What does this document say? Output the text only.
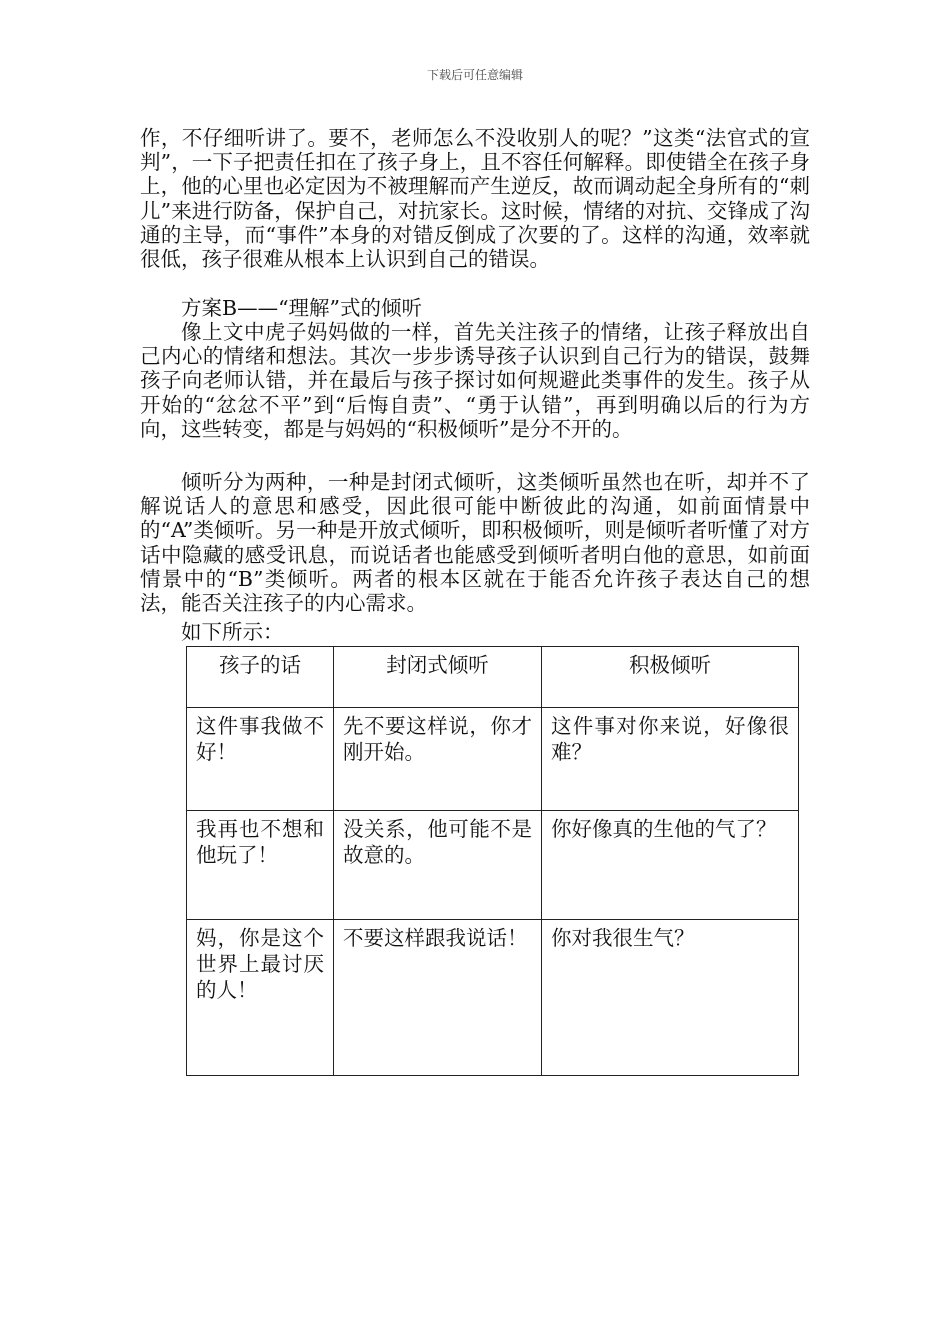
下载后可任意编辑

作，不仔细听讲了。要不，老师怎么不没收别人的呢？”这类“法官式的宣判”，一下子把责任扣在了孩子身上，且不容任何解释。即使错全在孩子身上，他的心里也必定因为不被理解而产生逆反，故而调动起全身所有的“刺儿”来进行防备，保护自己，对抗家长。这时候，情绪的对抗、交锋成了沟通的主导，而“事件”本身的对错反倒成了次要的了。这样的沟通，效率就很低，孩子很难从根本上认识到自己的错误。

方案B——“理解”式的倾听

像上文中虎子妈妈做的一样，首先关注孩子的情绪，让孩子释放出自己内心的情绪和想法。其次一步步诱导孩子认识到自己行为的错误，鼓舞孩子向老师认错，并在最后与孩子探讨如何规避此类事件的发生。孩子从开始的“忿忿不平”到“后悔自责”、“勇于认错”，再到明确以后的行为方向，这些转变，都是与妈妈的“积极倾听”是分不开的。

倾听分为两种，一种是封闭式倾听，这类倾听虽然也在听，却并不了解说话人的意思和感受，因此很可能中断彼此的沟通，如前面情景中的“A”类倾听。另一种是开放式倾听，即积极倾听，则是倾听者听懂了对方话中隐藏的感受讯息，而说话者也能感受到倾听者明白他的意思，如前面情景中的“B”类倾听。两者的根本区就在于能否允许孩子表达自己的想法，能否关注孩子的内心需求。

如下所示：

孩子的话	封闭式倾听	积极倾听
这件事我做不好！	先不要这样说，你才刚开始。	这件事对你来说，好像很难？
我再也不想和他玩了！	没关系，他可能不是故意的。	你好像真的生他的气了？
妈，你是这个世界上最讨厌的人！	不要这样跟我说话！	你对我很生气？
